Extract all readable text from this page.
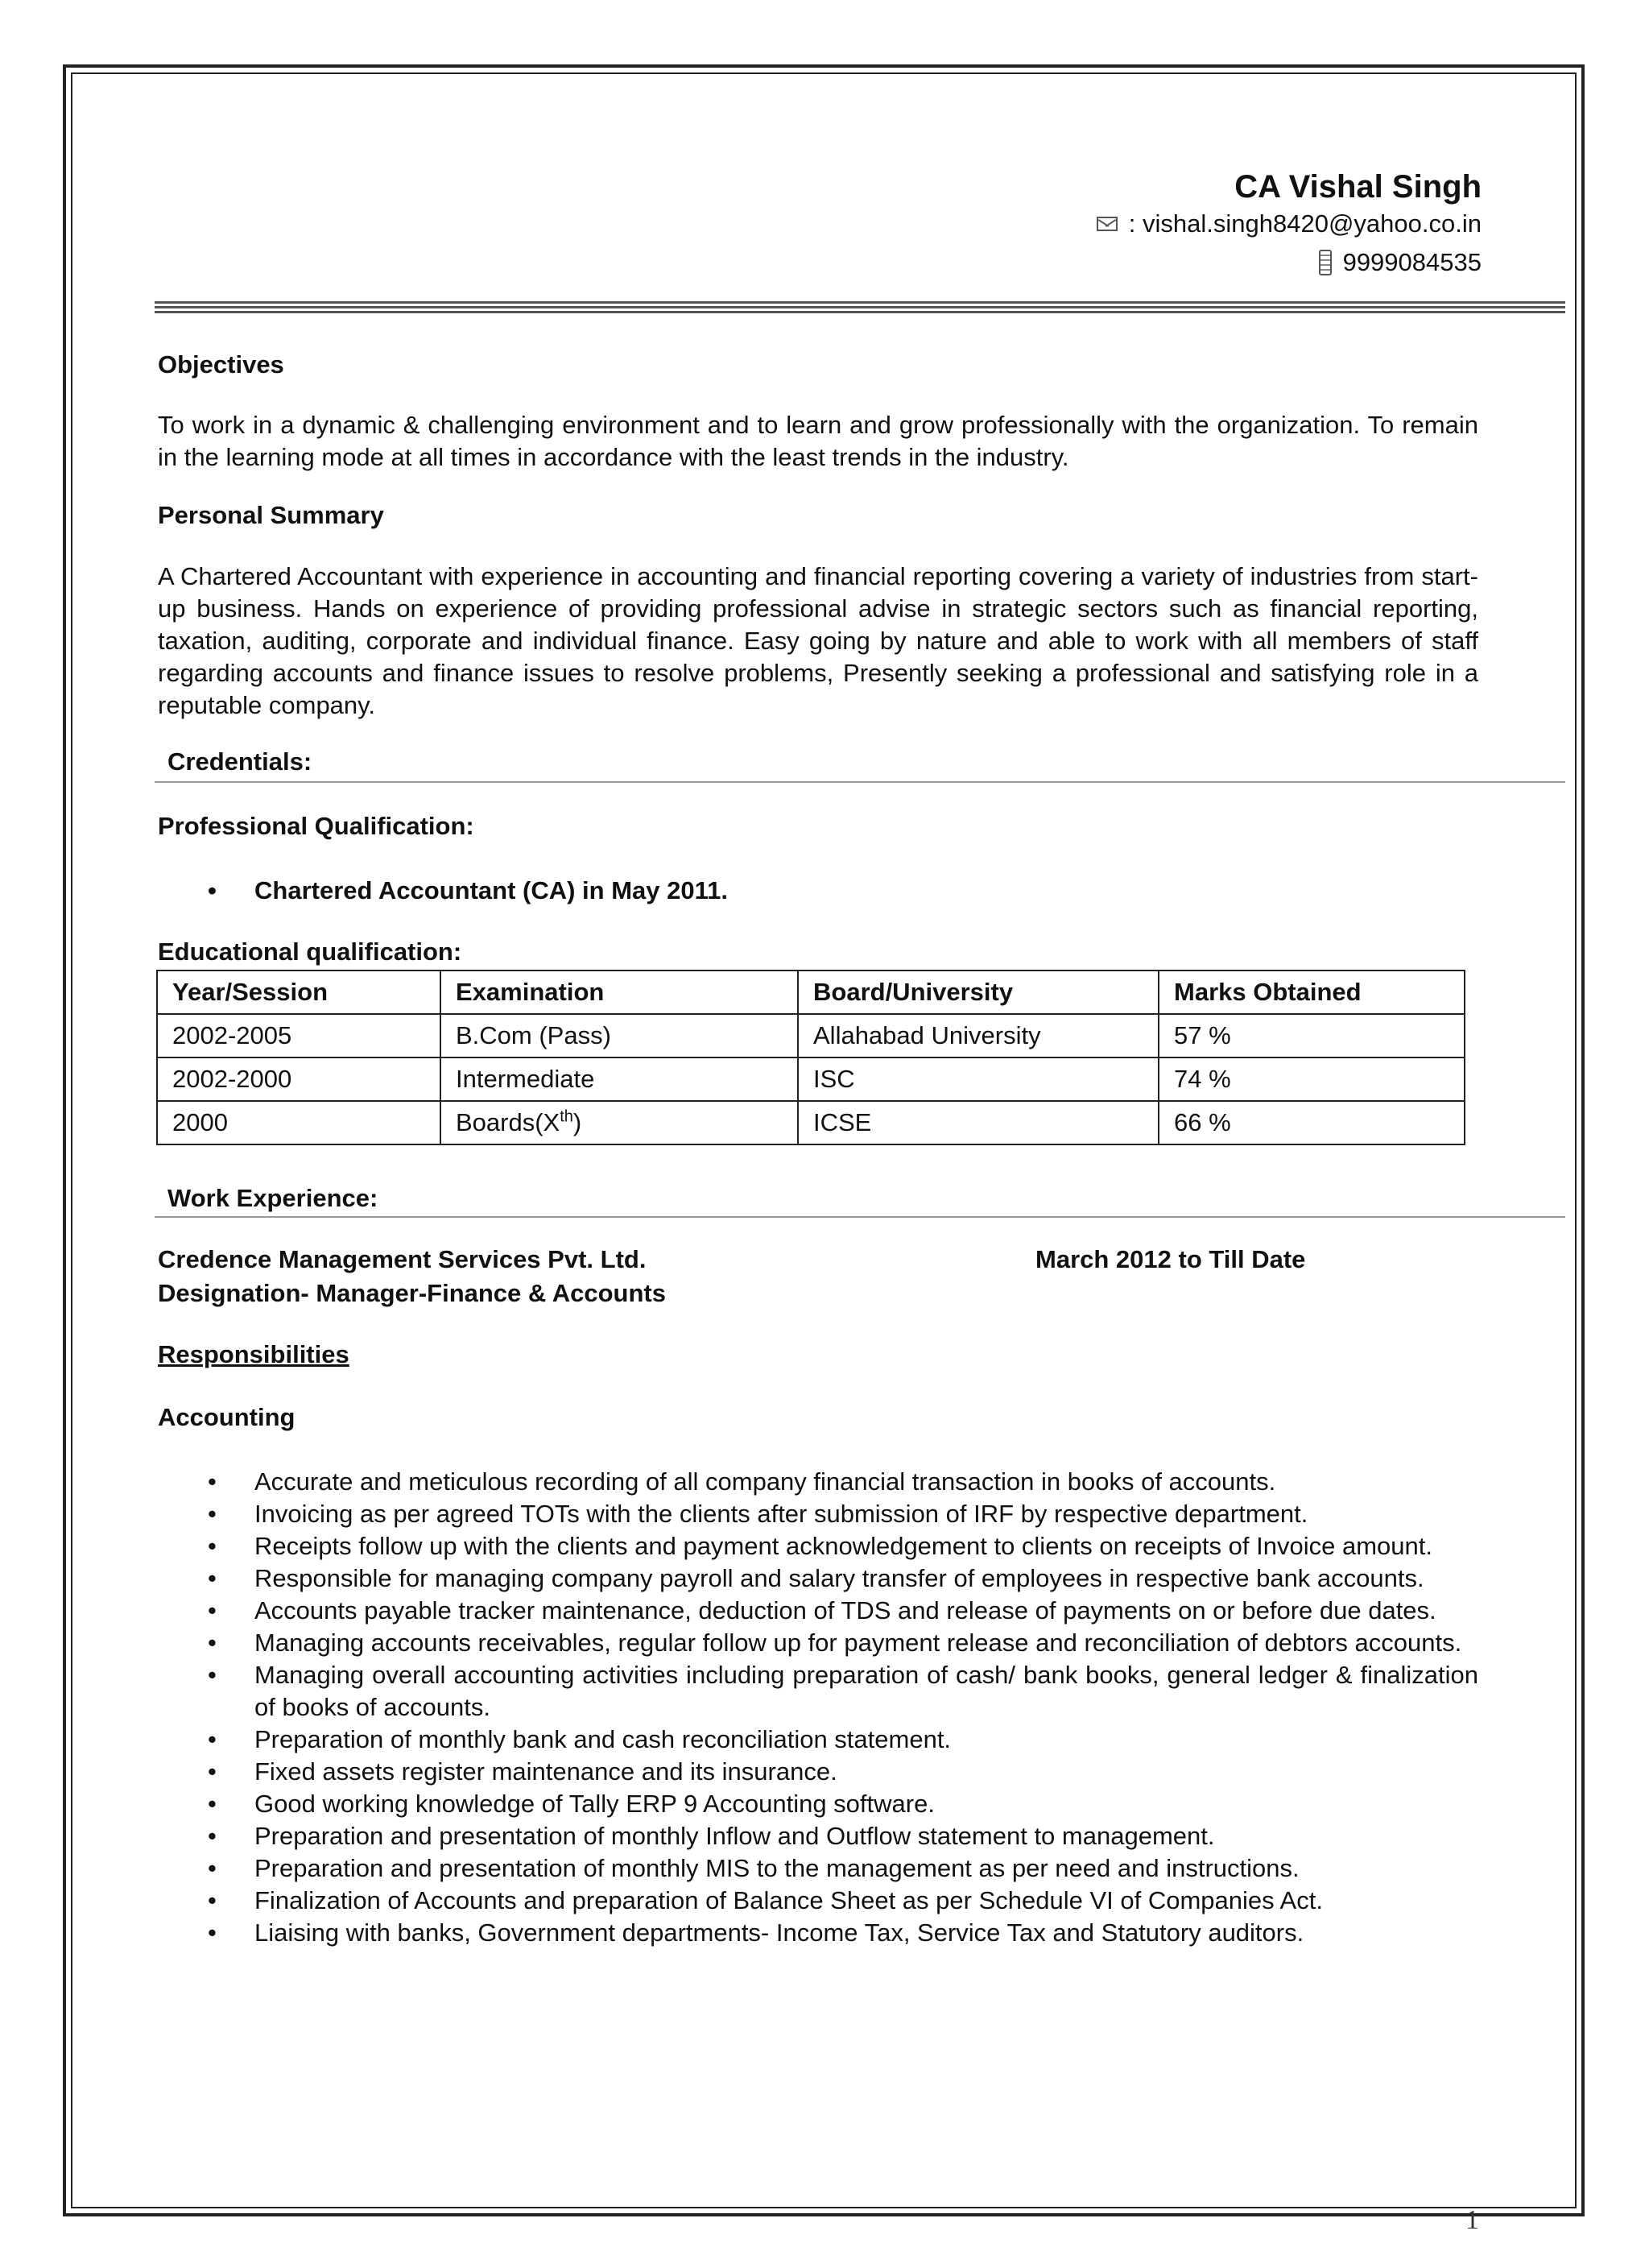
CA Vishal Singh
: vishal.singh8420@yahoo.co.in
9999084535
Objectives
To work in a dynamic & challenging environment and to learn and grow professionally with the organization. To remain in the learning mode at all times in accordance with the least trends in the industry.
Personal Summary
A Chartered Accountant with experience in accounting and financial reporting covering a variety of industries from start- up business. Hands on experience of providing professional advise in strategic sectors such as financial reporting, taxation, auditing, corporate and individual finance. Easy going by nature and able to work with all members of staff regarding accounts and finance issues to resolve problems, Presently seeking a professional and satisfying role in a reputable company.
Credentials:
Professional Qualification:
• Chartered Accountant (CA) in May 2011.
Educational qualification:
Year/Session	Examination	Board/University	Marks Obtained
2002-2005	B.Com (Pass)	Allahabad University	57 %
2002-2000	Intermediate	ISC	74 %
2000	Boards(Xth)	ICSE	66 %
Work Experience:
Credence Management Services Pvt. Ltd.	March 2012 to Till Date
Designation- Manager-Finance & Accounts
Responsibilities
Accounting
• Accurate and meticulous recording of all company financial transaction in books of accounts.
• Invoicing as per agreed TOTs with the clients after submission of IRF by respective department.
• Receipts follow up with the clients and payment acknowledgement to clients on receipts of Invoice amount.
• Responsible for managing company payroll and salary transfer of employees in respective bank accounts.
• Accounts payable tracker maintenance, deduction of TDS and release of payments on or before due dates.
• Managing accounts receivables, regular follow up for payment release and reconciliation of debtors accounts.
• Managing overall accounting activities including preparation of cash/ bank books, general ledger & finalization of books of accounts.
• Preparation of monthly bank and cash reconciliation statement.
• Fixed assets register maintenance and its insurance.
• Good working knowledge of Tally ERP 9 Accounting software.
• Preparation and presentation of monthly Inflow and Outflow statement to management.
• Preparation and presentation of monthly MIS to the management as per need and instructions.
• Finalization of Accounts and preparation of Balance Sheet as per Schedule VI of Companies Act.
• Liaising with banks, Government departments- Income Tax, Service Tax and Statutory auditors.
1
